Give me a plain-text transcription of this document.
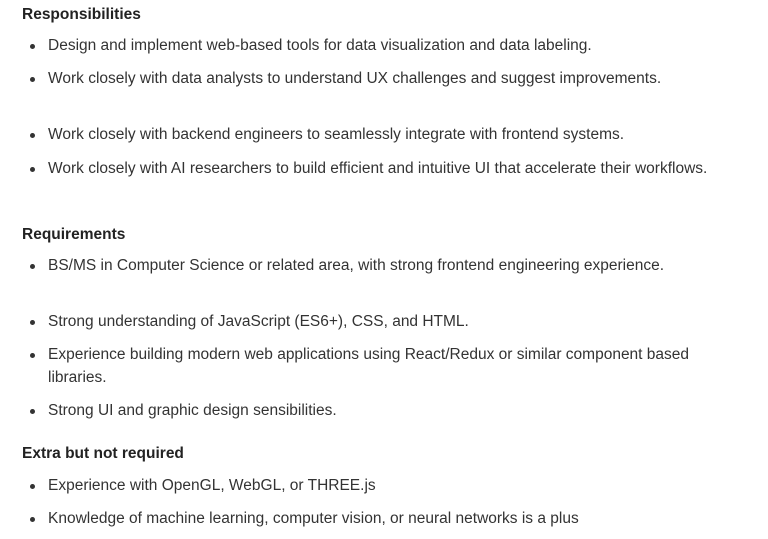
Responsibilities
Design and implement web-based tools for data visualization and data labeling.
Work closely with data analysts to understand UX challenges and suggest improvements.
Work closely with backend engineers to seamlessly integrate with frontend systems.
Work closely with AI researchers to build efficient and intuitive UI that accelerate their workflows.
Requirements
BS/MS in Computer Science or related area, with strong frontend engineering experience.
Strong understanding of JavaScript (ES6+), CSS, and HTML.
Experience building modern web applications using React/Redux or similar component based libraries.
Strong UI and graphic design sensibilities.
Extra but not required
Experience with OpenGL, WebGL, or THREE.js
Knowledge of machine learning, computer vision, or neural networks is a plus
